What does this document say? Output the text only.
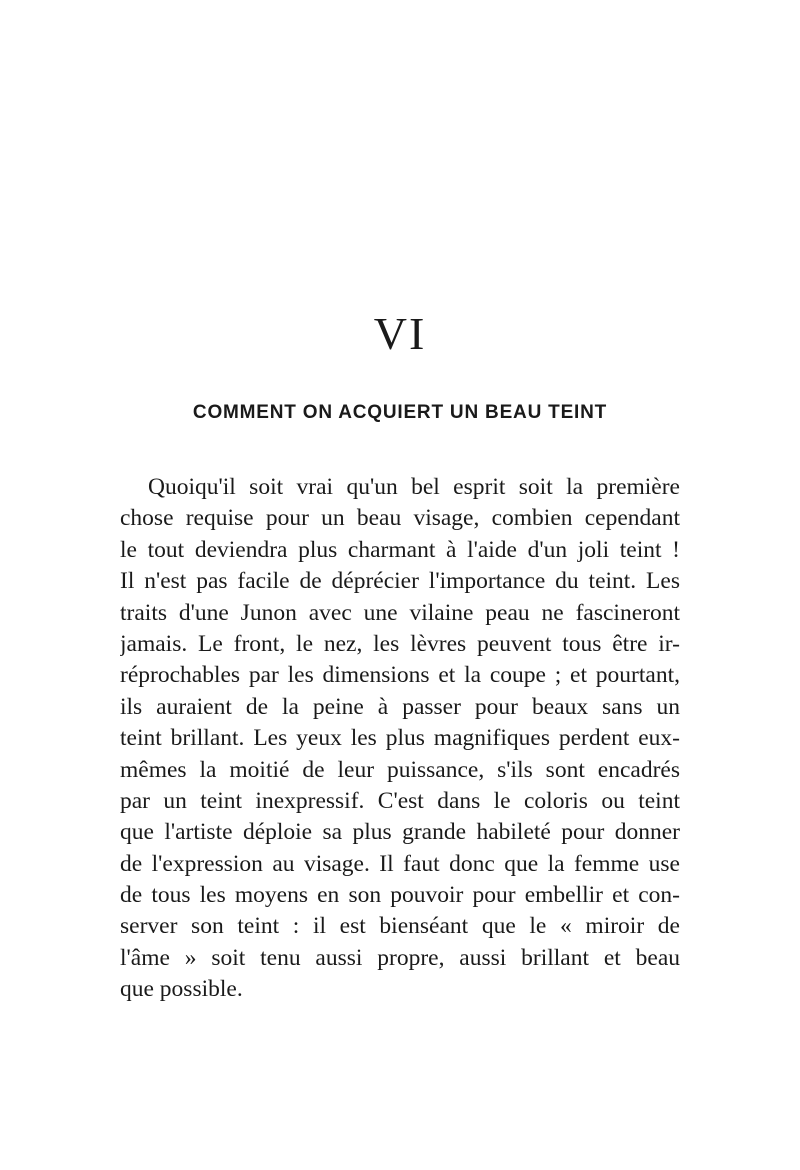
VI
COMMENT ON ACQUIERT UN BEAU TEINT
Quoiqu'il soit vrai qu'un bel esprit soit la première
chose requise pour un beau visage, combien cependant
le tout deviendra plus charmant à l'aide d'un joli teint !
Il n'est pas facile de déprécier l'importance du teint. Les
traits d'une Junon avec une vilaine peau ne fascineront
jamais. Le front, le nez, les lèvres peuvent tous être ir-
réprochables par les dimensions et la coupe ; et pourtant,
ils auraient de la peine à passer pour beaux sans un
teint brillant. Les yeux les plus magnifiques perdent eux-
mêmes la moitié de leur puissance, s'ils sont encadrés
par un teint inexpressif. C'est dans le coloris ou teint
que l'artiste déploie sa plus grande habileté pour donner
de l'expression au visage. Il faut donc que la femme use
de tous les moyens en son pouvoir pour embellir et con-
server son teint : il est bienséant que le « miroir de
l'âme » soit tenu aussi propre, aussi brillant et beau
que possible.
